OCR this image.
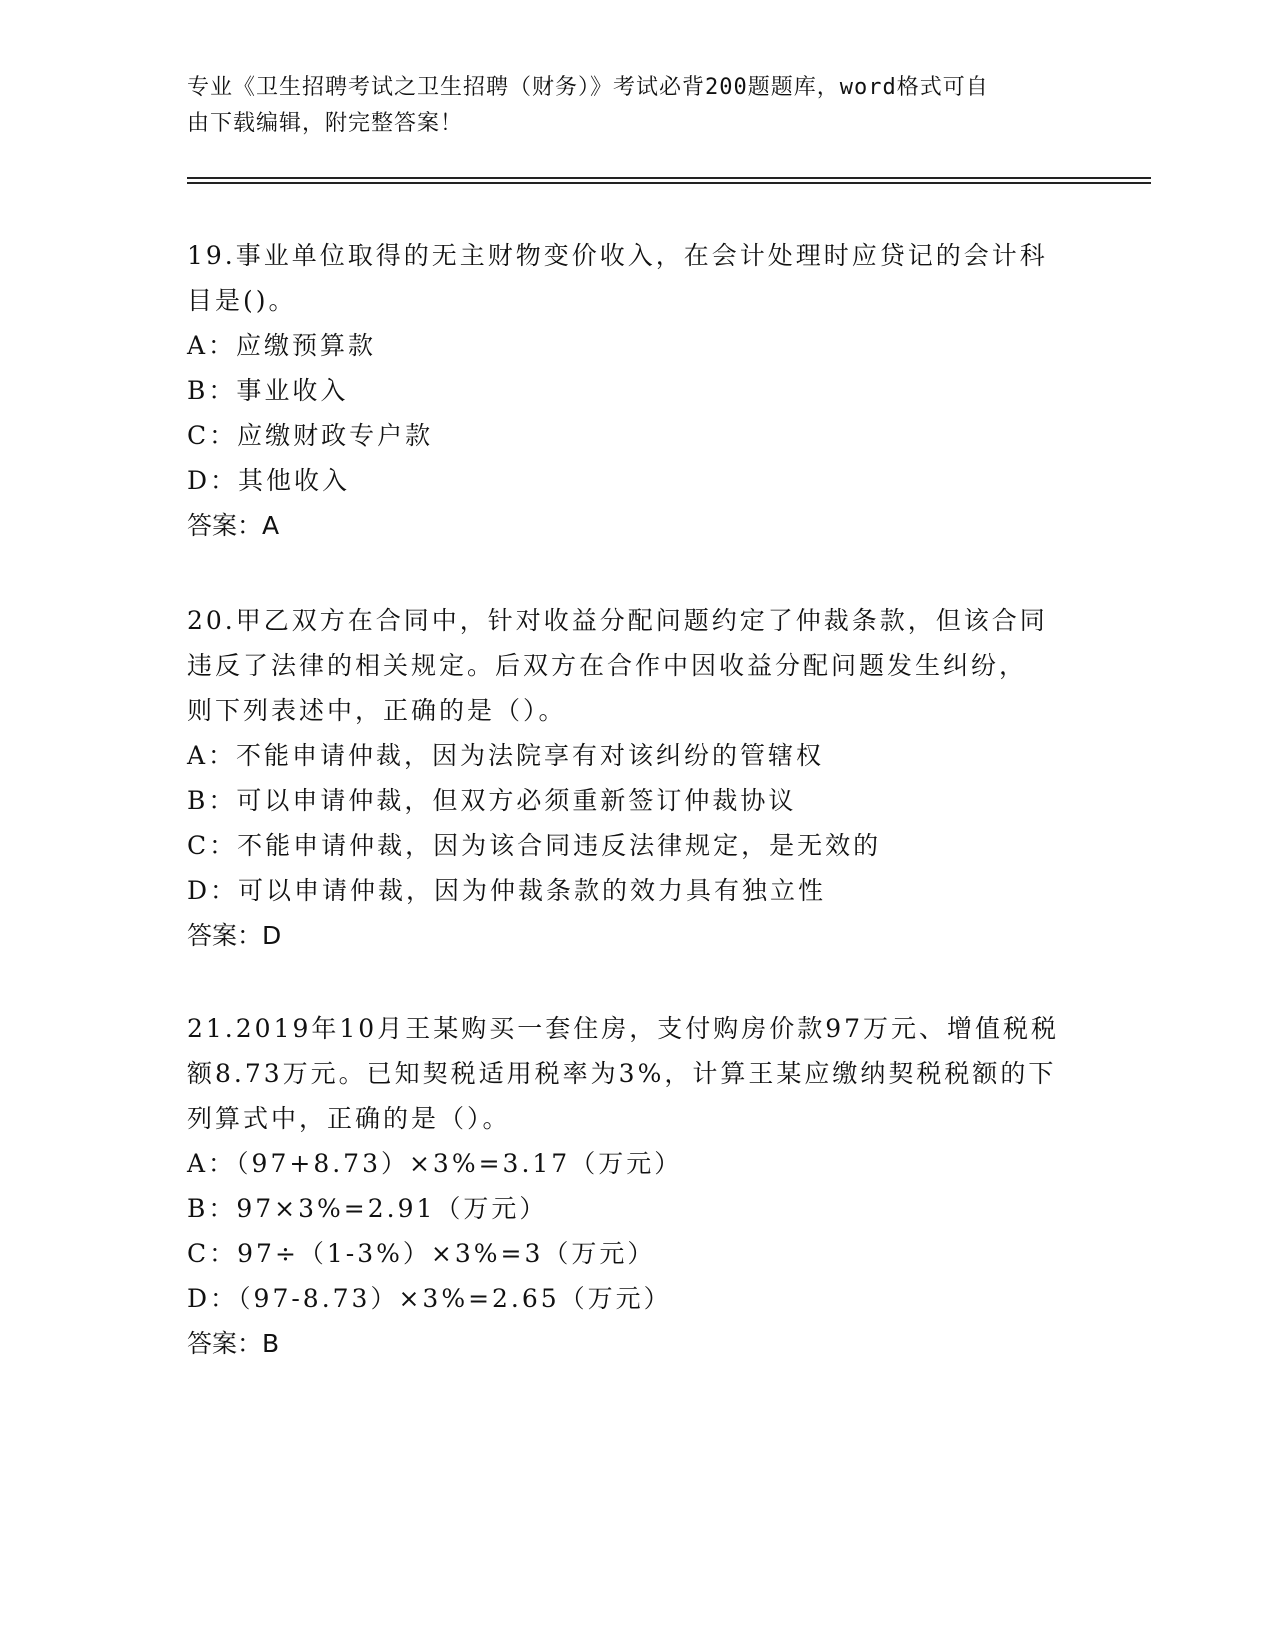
专业《卫生招聘考试之卫生招聘（财务）》考试必背200题题库，word格式可自
由下载编辑，附完整答案！
19.事业单位取得的无主财物变价收入，在会计处理时应贷记的会计科
目是()。
A：应缴预算款
B：事业收入
C：应缴财政专户款
D：其他收入
答案：A
20.甲乙双方在合同中，针对收益分配问题约定了仲裁条款，但该合同
违反了法律的相关规定。后双方在合作中因收益分配问题发生纠纷，
则下列表述中，正确的是（）。
A：不能申请仲裁，因为法院享有对该纠纷的管辖权
B：可以申请仲裁，但双方必须重新签订仲裁协议
C：不能申请仲裁，因为该合同违反法律规定，是无效的
D：可以申请仲裁，因为仲裁条款的效力具有独立性
答案：D
21.2019年10月王某购买一套住房，支付购房价款97万元、增值税税
额8.73万元。已知契税适用税率为3%，计算王某应缴纳契税税额的下
列算式中，正确的是（）。
A：（97+8.73）×3%=3.17（万元）
B：97×3%=2.91（万元）
C：97÷（1-3%）×3%=3（万元）
D：（97-8.73）×3%=2.65（万元）
答案：B
